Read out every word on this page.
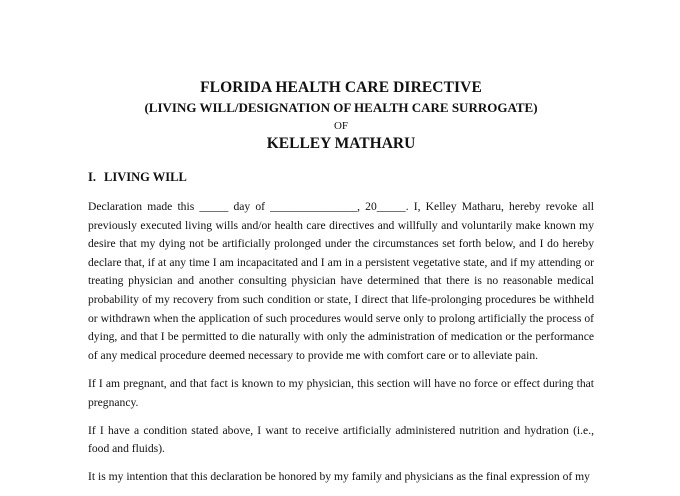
FLORIDA HEALTH CARE DIRECTIVE
(LIVING WILL/DESIGNATION OF HEALTH CARE SURROGATE)
OF
KELLEY MATHARU
I. LIVING WILL

Declaration made this _____ day of _______________, 20_____. I, Kelley Matharu, hereby revoke all previously executed living wills and/or health care directives and willfully and voluntarily make known my desire that my dying not be artificially prolonged under the circumstances set forth below, and I do hereby declare that, if at any time I am incapacitated and I am in a persistent vegetative state, and if my attending or treating physician and another consulting physician have determined that there is no reasonable medical probability of my recovery from such condition or state, I direct that life-prolonging procedures be withheld or withdrawn when the application of such procedures would serve only to prolong artificially the process of dying, and that I be permitted to die naturally with only the administration of medication or the performance of any medical procedure deemed necessary to provide me with comfort care or to alleviate pain.

If I am pregnant, and that fact is known to my physician, this section will have no force or effect during that pregnancy.

If I have a condition stated above, I want to receive artificially administered nutrition and hydration (i.e., food and fluids).

It is my intention that this declaration be honored by my family and physicians as the final expression of my
